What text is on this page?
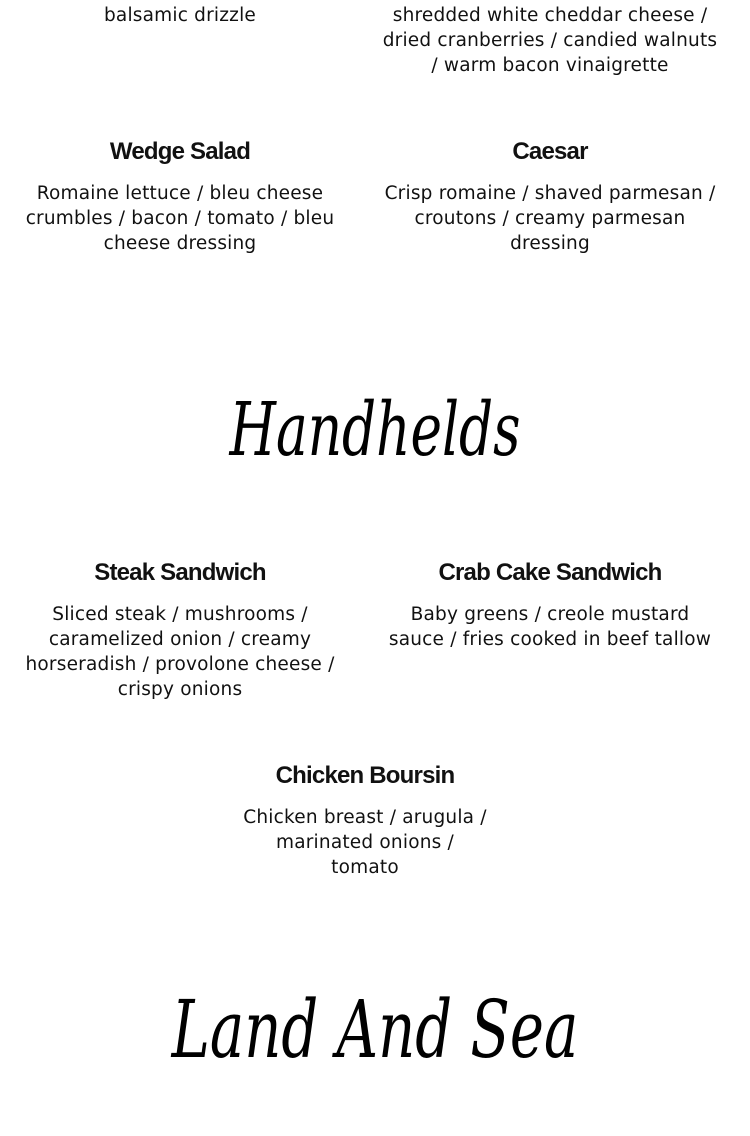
balsamic drizzle	shredded white cheddar cheese / dried cranberries / candied walnuts / warm bacon vinaigrette

Wedge Salad

Romaine lettuce / bleu cheese crumbles / bacon / tomato / bleu cheese dressing

Caesar

Crisp romaine / shaved parmesan / croutons / creamy parmesan dressing

Handhelds
Steak Sandwich

Sliced steak / mushrooms / caramelized onion / creamy horseradish / provolone cheese / crispy onions

Crab Cake Sandwich

Baby greens / creole mustard sauce / fries cooked in beef tallow

Chicken Boursin

Chicken breast / arugula / marinated onions / tomato

Land And Sea
